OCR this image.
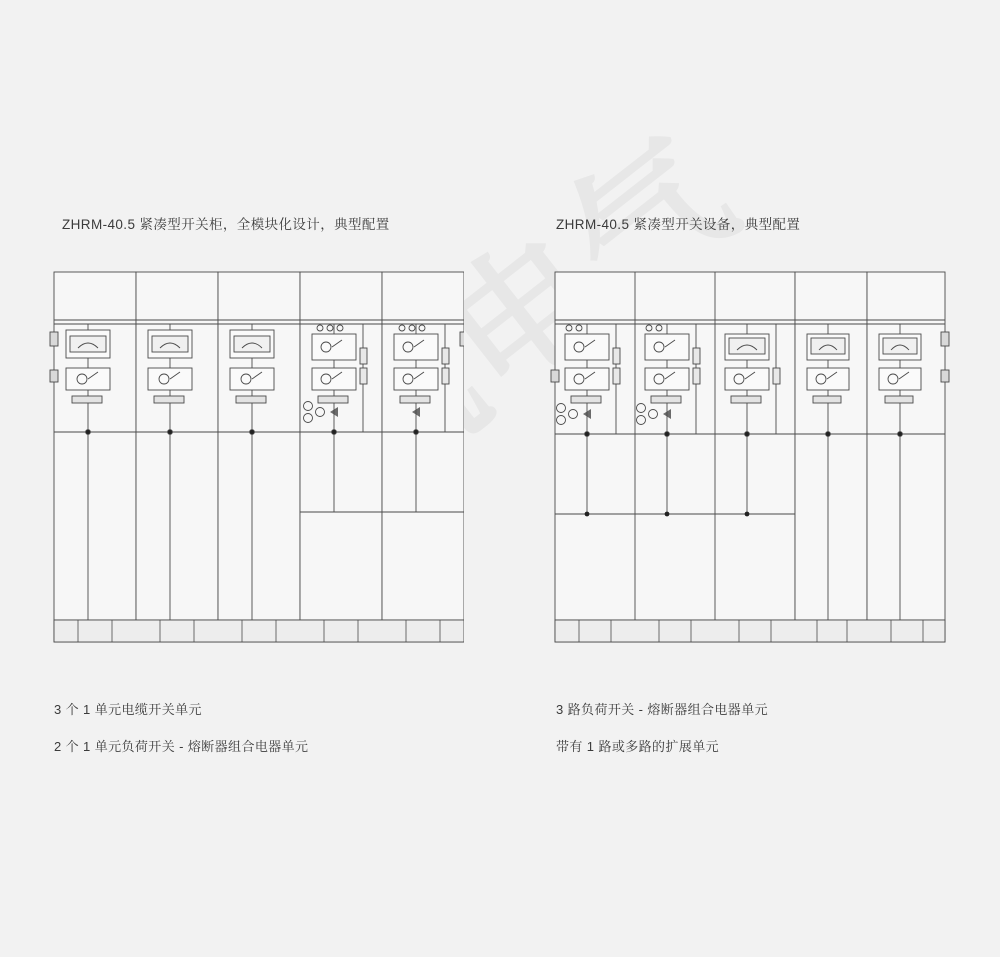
ZHRM-40.5 紧凑型开关柜，全模块化设计，典型配置
3 个 1 单元电缆开关单元
2 个 1 单元负荷开关 - 熔断器组合电器单元
ZHRM-40.5 紧凑型开关设备，典型配置
3 路负荷开关 - 熔断器组合电器单元
带有 1 路或多路的扩展单元
